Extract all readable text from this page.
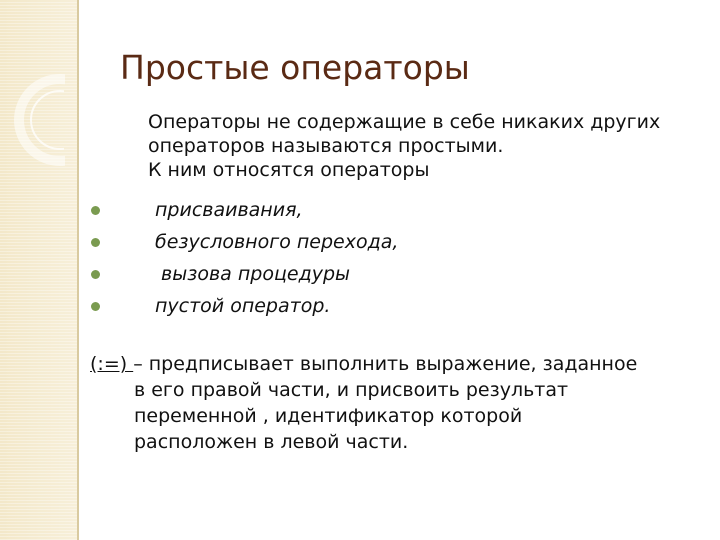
Простые операторы
Операторы не содержащие в себе никаких других
операторов называются простыми.
К ним относятся операторы

присваивания,

безусловного перехода,

вызова процедуры

пустой оператор.

(:=) – предписывает выполнить выражение, заданное
в его правой части, и присвоить результат
переменной , идентификатор которой
расположен в левой части.
